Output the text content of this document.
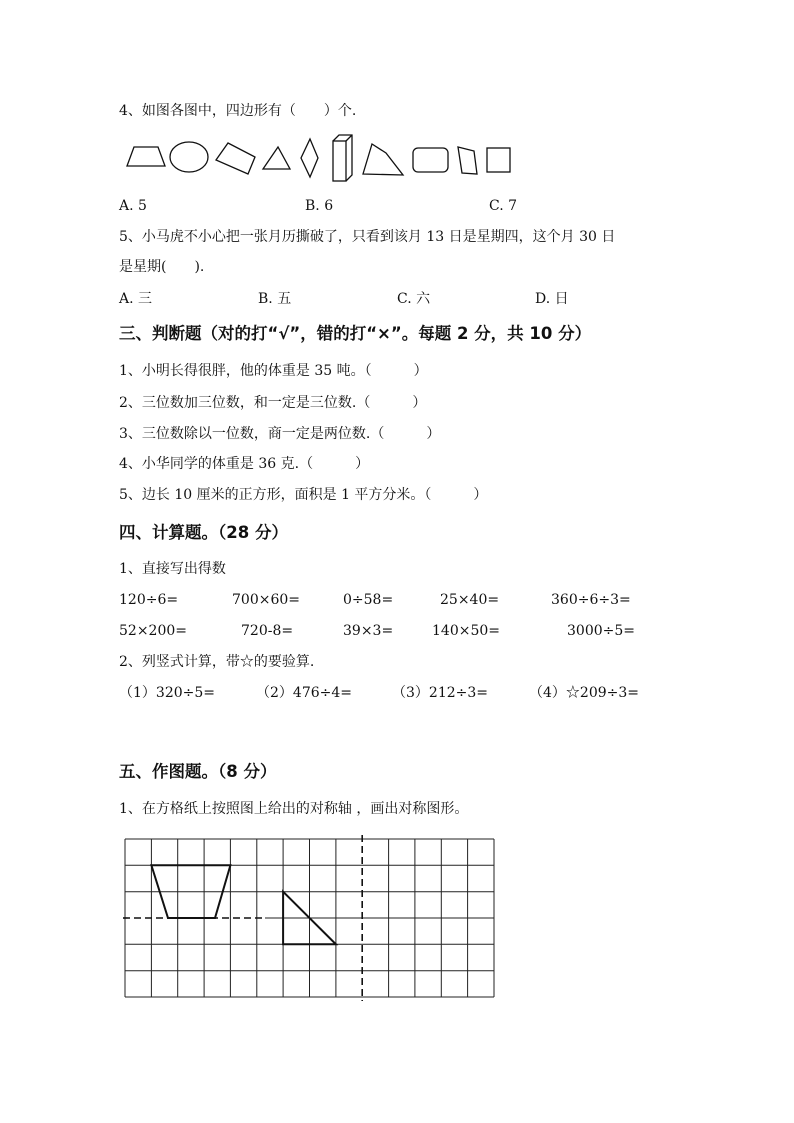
4、如图各图中，四边形有（　　）个.
A. 5	B. 6	C. 7
5、小马虎不小心把一张月历撕破了，只看到该月 13 日是星期四，这个月 30 日
是星期(　　).
A. 三	B. 五	C. 六	D. 日
三、判断题（对的打“√”，错的打“×”。每题 2 分，共 10 分）
1、小明长得很胖，他的体重是 35 吨。（　　　）
2、三位数加三位数，和一定是三位数.（　　　）
3、三位数除以一位数，商一定是两位数.（　　　）
4、小华同学的体重是 36 克.（　　　）
5、边长 10 厘米的正方形，面积是 1 平方分米。（　　　）
四、计算题。（28 分）
1、直接写出得数
120÷6=	700×60=	0÷58=	25×40=	360÷6÷3=
52×200=	720-8=	39×3=	140×50=	3000÷5=
2、列竖式计算，带☆的要验算.
（1）320÷5=	（2）476÷4=	（3）212÷3=	（4）☆209÷3=
五、作图题。（8 分）
1、在方格纸上按照图上给出的对称轴 ，画出对称图形。
